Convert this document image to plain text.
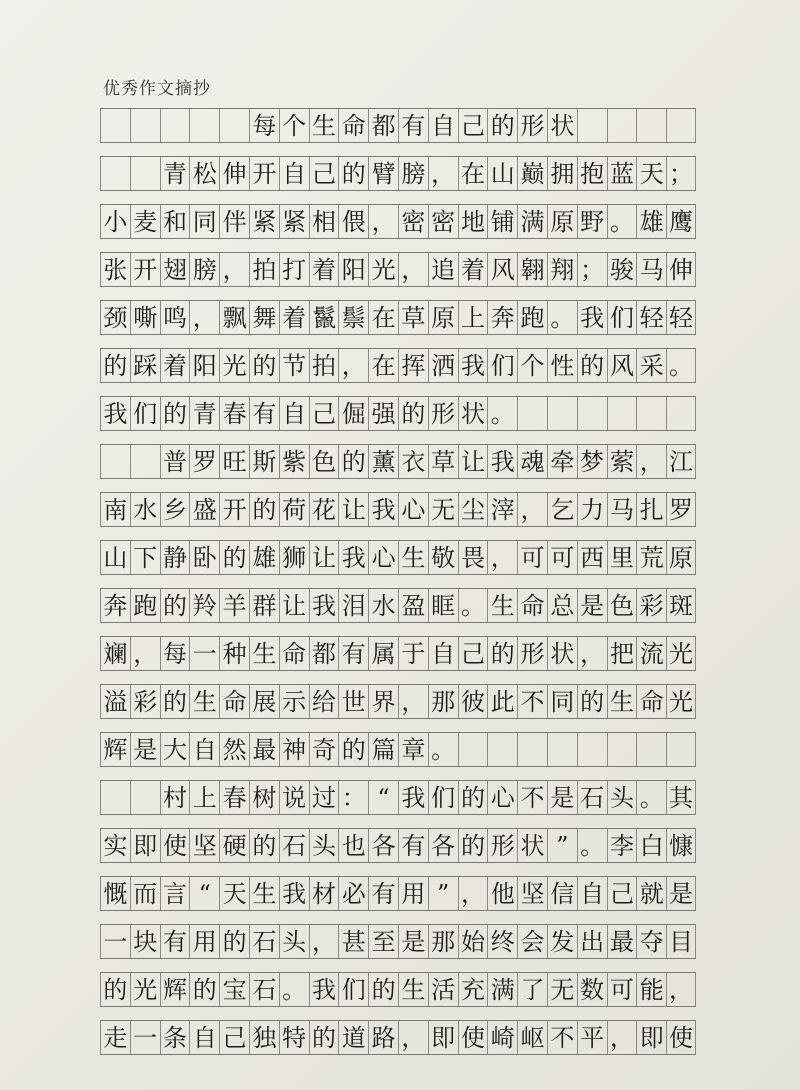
优秀作文摘抄
每 个 生 命 都 有 自 己 的 形 状
青 松 伸 开 自 己 的 臂 膀 ， 在 山 巅 拥 抱 蓝 天 ；
小 麦 和 同 伴 紧 紧 相 偎 ， 密 密 地 铺 满 原 野 。 雄 鹰
张 开 翅 膀 ， 拍 打 着 阳 光 ， 追 着 风 翱 翔 ； 骏 马 伸
颈 嘶 鸣 ， 飘 舞 着 鬣 鬃 在 草 原 上 奔 跑 。 我 们 轻 轻
的 踩 着 阳 光 的 节 拍 ， 在 挥 洒 我 们 个 性 的 风 采 。
我 们 的 青 春 有 自 己 倔 强 的 形 状 。
普 罗 旺 斯 紫 色 的 薰 衣 草 让 我 魂 牵 梦 萦 ， 江
南 水 乡 盛 开 的 荷 花 让 我 心 无 尘 滓 ， 乞 力 马 扎 罗
山 下 静 卧 的 雄 狮 让 我 心 生 敬 畏 ， 可 可 西 里 荒 原
奔 跑 的 羚 羊 群 让 我 泪 水 盈 眶 。 生 命 总 是 色 彩 斑
斓 ， 每 一 种 生 命 都 有 属 于 自 己 的 形 状 ， 把 流 光
溢 彩 的 生 命 展 示 给 世 界 ， 那 彼 此 不 同 的 生 命 光
辉 是 大 自 然 最 神 奇 的 篇 章 。
村 上 春 树 说 过 ： “ 我 们 的 心 不 是 石 头 。 其
实 即 使 坚 硬 的 石 头 也 各 有 各 的 形 状 ” 。 李 白 慷
慨 而 言 “ 天 生 我 材 必 有 用 ” ， 他 坚 信 自 己 就 是
一 块 有 用 的 石 头 ， 甚 至 是 那 始 终 会 发 出 最 夺 目
的 光 辉 的 宝 石 。 我 们 的 生 活 充 满 了 无 数 可 能 ，
走 一 条 自 己 独 特 的 道 路 ， 即 使 崎 岖 不 平 ， 即 使
